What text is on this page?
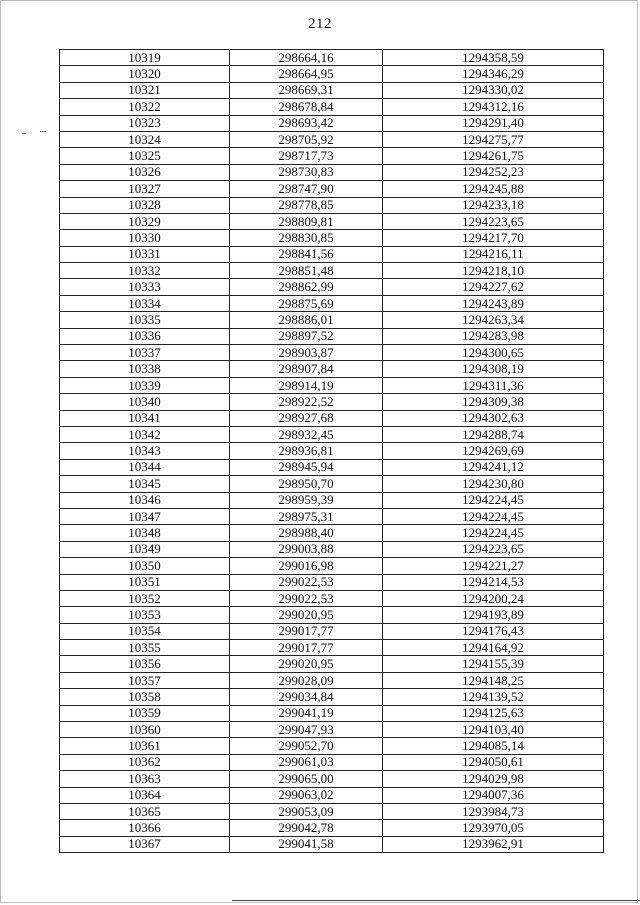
212
10319	298664,16	1294358,59
10320	298664,95	1294346,29
10321	298669,31	1294330,02
10322	298678,84	1294312,16
10323	298693,42	1294291,40
10324	298705,92	1294275,77
10325	298717,73	1294261,75
10326	298730,83	1294252,23
10327	298747,90	1294245,88
10328	298778,85	1294233,18
10329	298809,81	1294223,65
10330	298830,85	1294217,70
10331	298841,56	1294216,11
10332	298851,48	1294218,10
10333	298862,99	1294227,62
10334	298875,69	1294243,89
10335	298886,01	1294263,34
10336	298897,52	1294283,98
10337	298903,87	1294300,65
10338	298907,84	1294308,19
10339	298914,19	1294311,36
10340	298922,52	1294309,38
10341	298927,68	1294302,63
10342	298932,45	1294288,74
10343	298936,81	1294269,69
10344	298945,94	1294241,12
10345	298950,70	1294230,80
10346	298959,39	1294224,45
10347	298975,31	1294224,45
10348	298988,40	1294224,45
10349	299003,88	1294223,65
10350	299016,98	1294221,27
10351	299022,53	1294214,53
10352	299022,53	1294200,24
10353	299020,95	1294193,89
10354	299017,77	1294176,43
10355	299017,77	1294164,92
10356	299020,95	1294155,39
10357	299028,09	1294148,25
10358	299034,84	1294139,52
10359	299041,19	1294125,63
10360	299047,93	1294103,40
10361	299052,70	1294085,14
10362	299061,03	1294050,61
10363	299065,00	1294029,98
10364	299063,02	1294007,36
10365	299053,09	1293984,73
10366	299042,78	1293970,05
10367	299041,58	1293962,91
